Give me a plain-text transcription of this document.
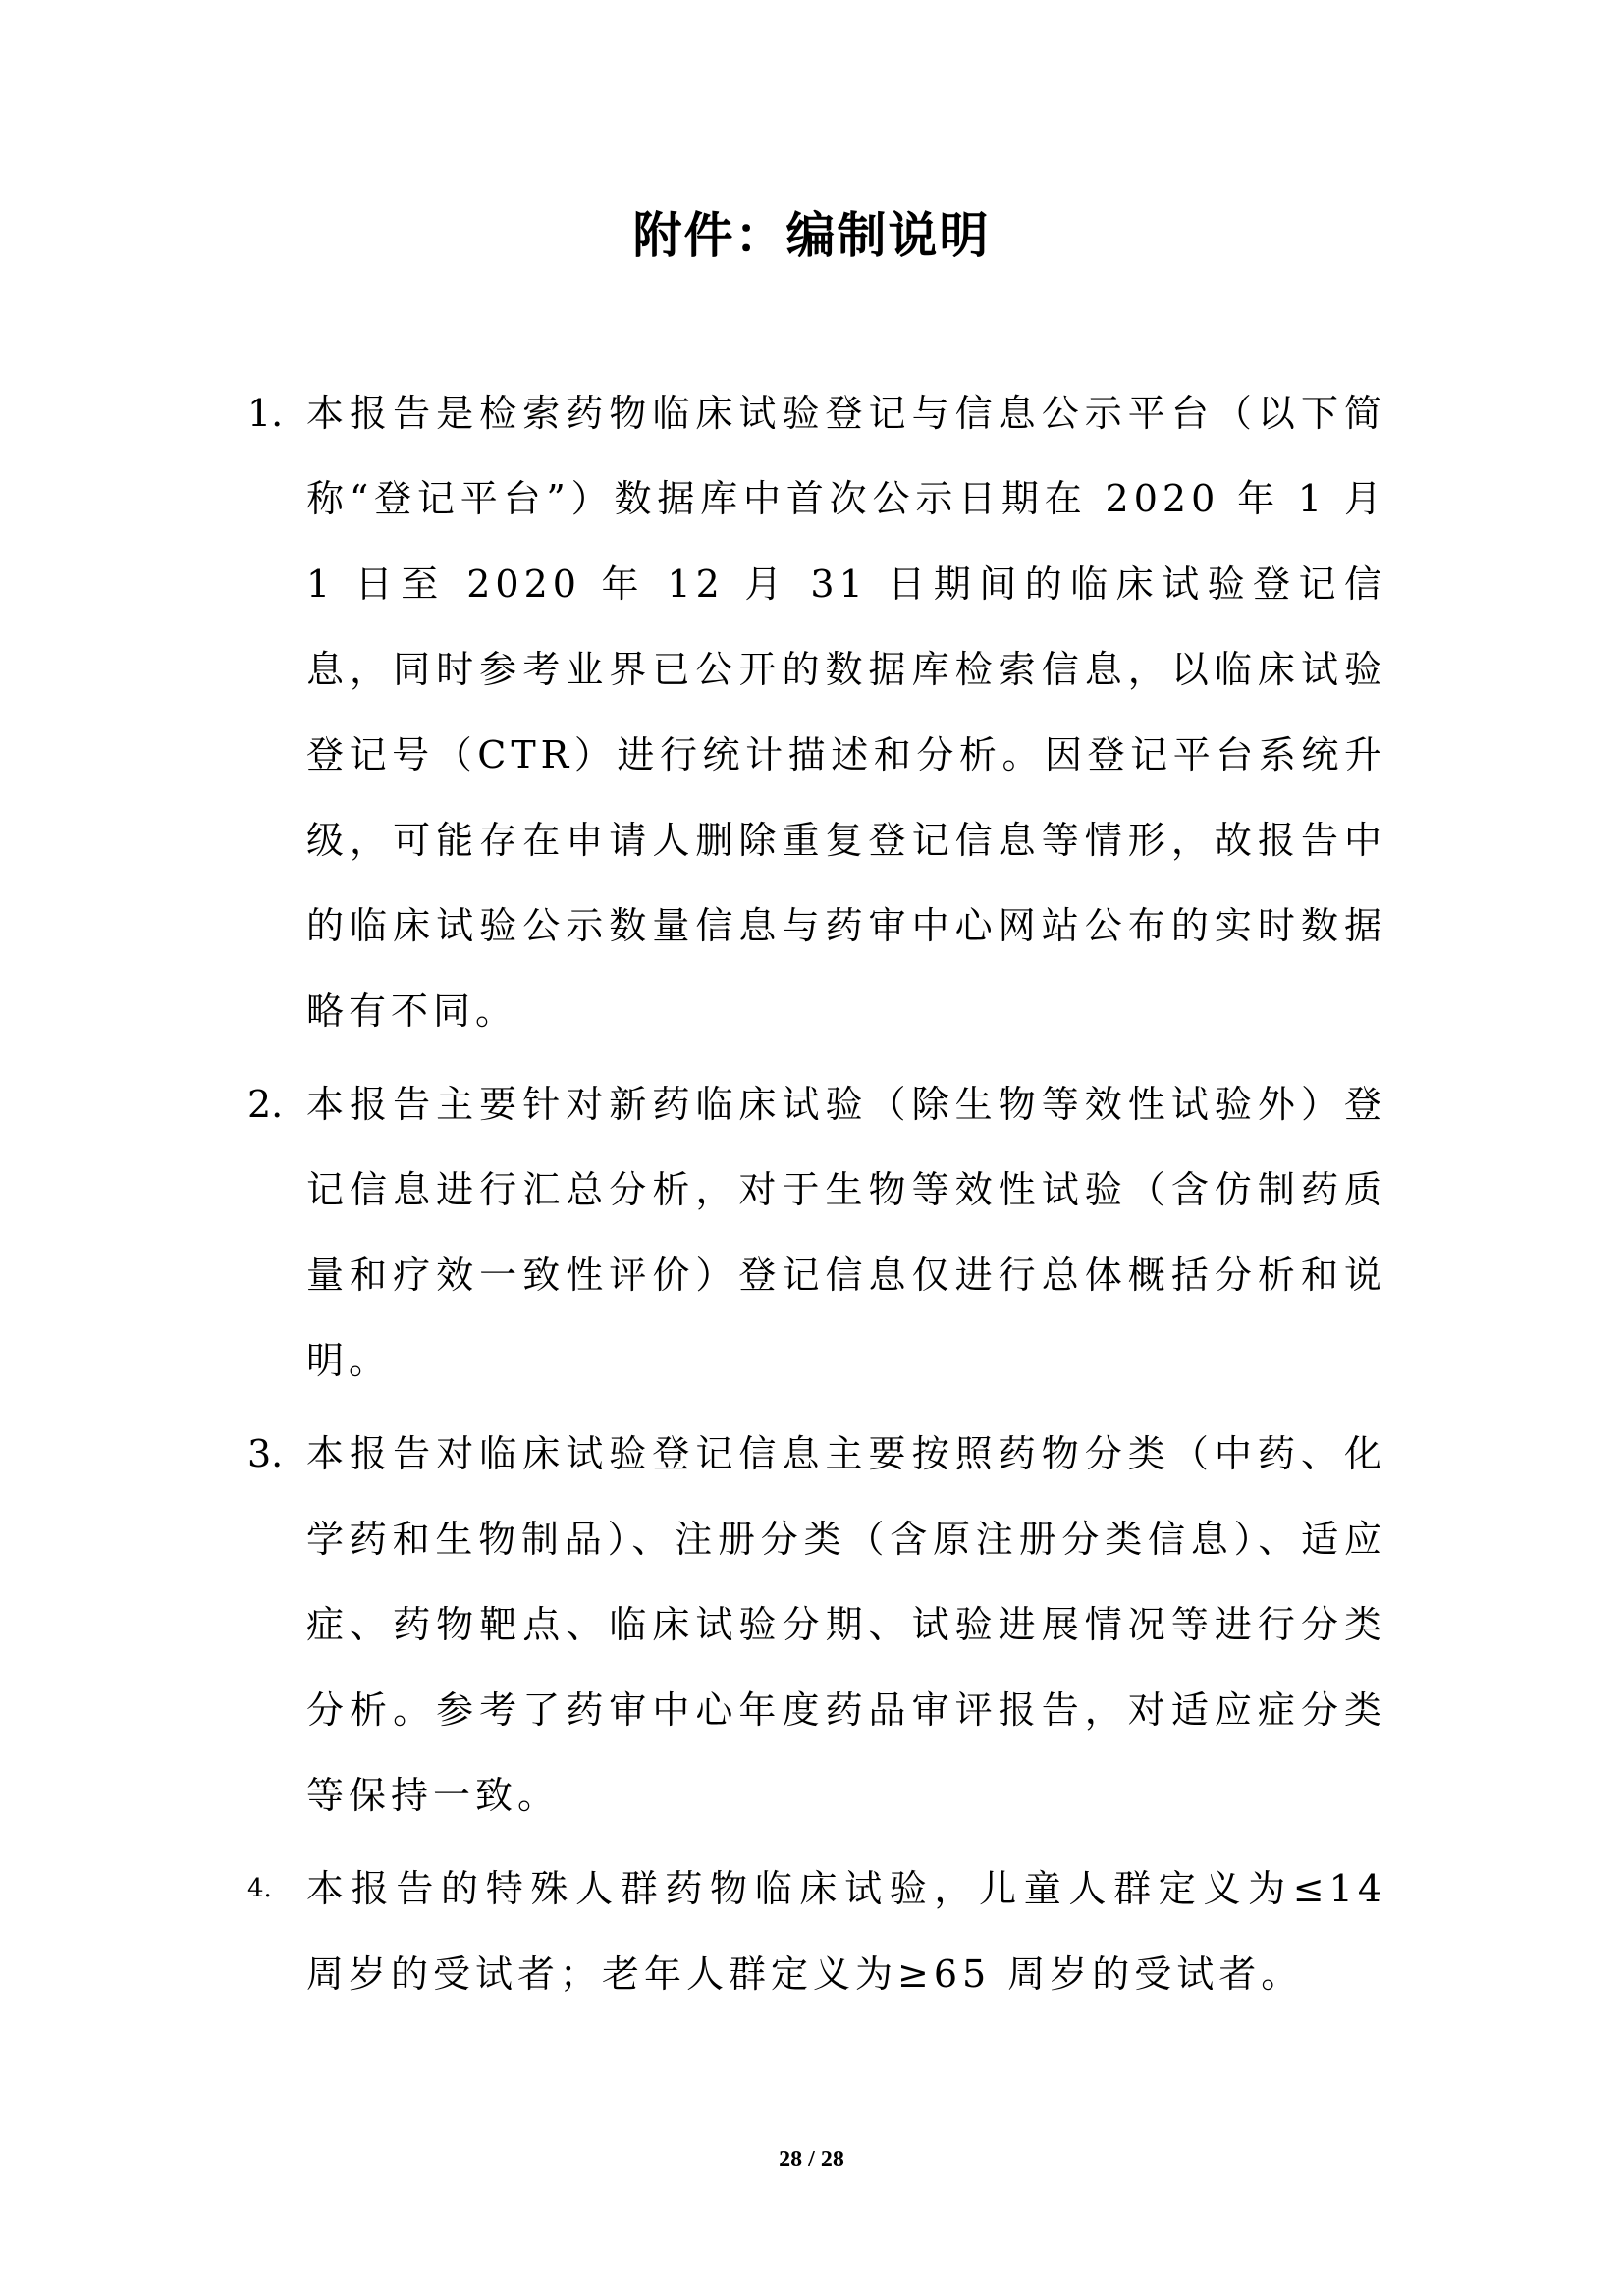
附件：编制说明
1. 本报告是检索药物临床试验登记与信息公示平台（以下简称“登记平台”）数据库中首次公示日期在 2020 年 1 月 1 日至 2020 年 12 月 31 日期间的临床试验登记信息，同时参考业界已公开的数据库检索信息，以临床试验登记号（CTR）进行统计描述和分析。因登记平台系统升级，可能存在申请人删除重复登记信息等情形，故报告中的临床试验公示数量信息与药审中心网站公布的实时数据略有不同。
2. 本报告主要针对新药临床试验（除生物等效性试验外）登记信息进行汇总分析，对于生物等效性试验（含仿制药质量和疗效一致性评价）登记信息仅进行总体概括分析和说明。
3. 本报告对临床试验登记信息主要按照药物分类（中药、化学药和生物制品）、注册分类（含原注册分类信息）、适应症、药物靶点、临床试验分期、试验进展情况等进行分类分析。参考了药审中心年度药品审评报告，对适应症分类等保持一致。
4. 本报告的特殊人群药物临床试验，儿童人群定义为≤14 周岁的受试者；老年人群定义为≥65 周岁的受试者。
28 / 28
